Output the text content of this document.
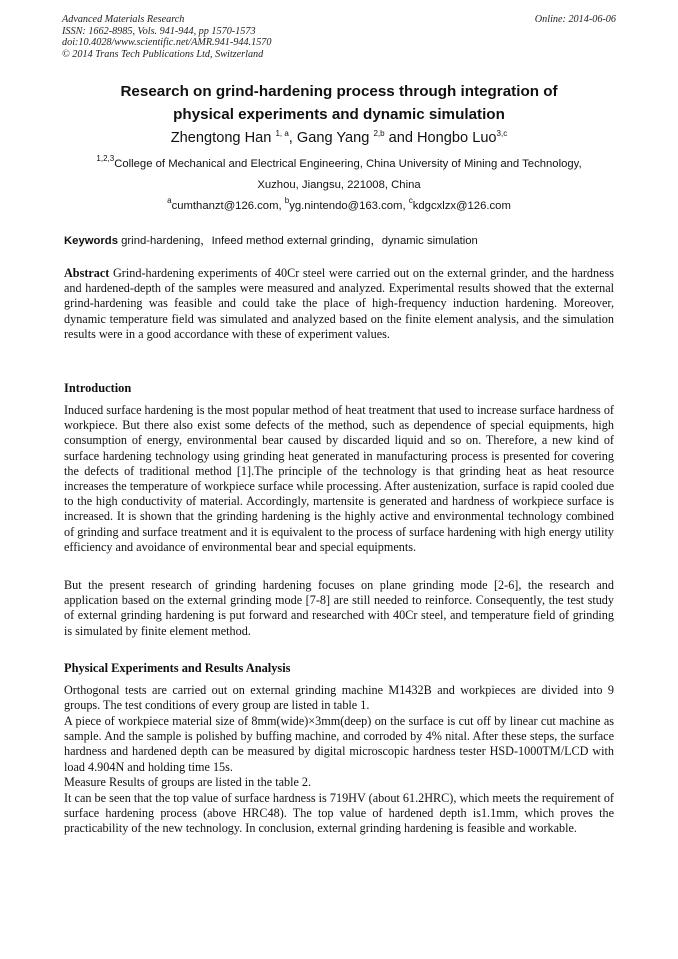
Advanced Materials Research
ISSN: 1662-8985, Vols. 941-944, pp 1570-1573
doi:10.4028/www.scientific.net/AMR.941-944.1570
© 2014 Trans Tech Publications Ltd, Switzerland
Online: 2014-06-06
Research on grind-hardening process through integration of
physical experiments and dynamic simulation
Zhengtong Han $^{1, a}$, Gang Yang $^{2,b}$ and Hongbo Luo$^{3,c}$
$^{1,2,3}$College of Mechanical and Electrical Engineering, China University of Mining and Technology,
Xuzhou, Jiangsu, 221008, China
$^a$cumthanzt@126.com, $^b$yg.nintendo@163.com, $^c$kdgcxlzx@126.com
Keywords grind-hardening，Infeed method external grinding，dynamic simulation
Abstract Grind-hardening experiments of 40Cr steel were carried out on the external grinder, and the hardness and hardened-depth of the samples were measured and analyzed. Experimental results showed that the external grind-hardening was feasible and could take the place of high-frequency induction hardening. Moreover, dynamic temperature field was simulated and analyzed based on the finite element analysis, and the simulation results were in a good accordance with these of experiment values.
Introduction
Induced surface hardening is the most popular method of heat treatment that used to increase surface hardness of workpiece. But there also exist some defects of the method, such as dependence of special equipments, high consumption of energy, environmental bear caused by discarded liquid and so on. Therefore, a new kind of surface hardening technology using grinding heat generated in manufacturing process is presented for covering the defects of traditional method [1].The principle of the technology is that grinding heat as heat resource increases the temperature of workpiece surface while processing. After austenization, surface is rapid cooled due to the high conductivity of material. Accordingly, martensite is generated and hardness of workpiece surface is increased. It is shown that the grinding hardening is the highly active and environmental technology combined of grinding and surface treatment and it is equivalent to the process of surface hardening with high energy utility efficiency and avoidance of environmental bear and special equipments.
But the present research of grinding hardening focuses on plane grinding mode [2-6], the research and application based on the external grinding mode [7-8] are still needed to reinforce. Consequently, the test study of external grinding hardening is put forward and researched with 40Cr steel, and temperature field of grinding is simulated by finite element method.
Physical Experiments and Results Analysis
Orthogonal tests are carried out on external grinding machine M1432B and workpieces are divided into 9 groups. The test conditions of every group are listed in table 1.
A piece of workpiece material size of 8mm(wide)×3mm(deep) on the surface is cut off by linear cut machine as sample. And the sample is polished by buffing machine, and corroded by 4% nital. After these steps, the surface hardness and hardened depth can be measured by digital microscopic hardness tester HSD-1000TM/LCD with load 4.904N and holding time 15s.
Measure Results of groups are listed in the table 2.
It can be seen that the top value of surface hardness is 719HV (about 61.2HRC), which meets the requirement of surface hardening process (above HRC48). The top value of hardened depth is1.1mm, which proves the practicability of the new technology. In conclusion, external grinding hardening is feasible and workable.
